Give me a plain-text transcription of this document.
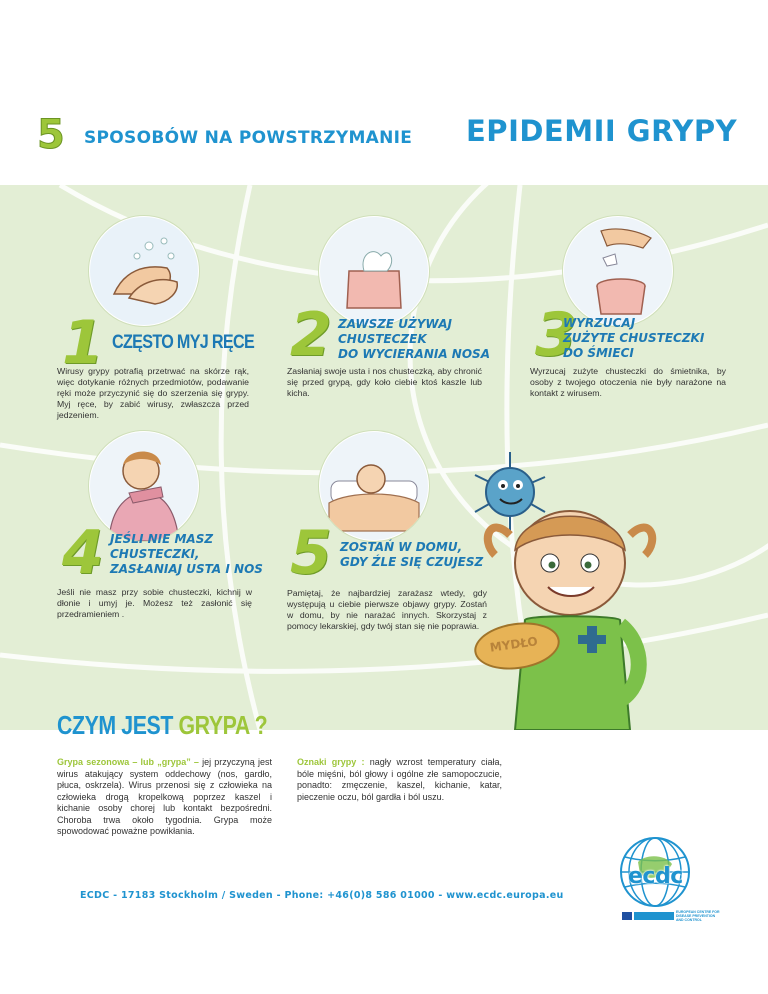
5 SPOSOBÓW NA POWSTRZYMANIE EPIDEMII GRYPY
1 CZĘSTO MYJ RĘCE
Wirusy grypy potrafią przetrwać na skórze rąk, więc dotykanie różnych przedmiotów, podawanie ręki może przyczynić się do szerzenia się grypy. Myj ręce, by zabić wirusy, zwłaszcza przed jedzeniem.
2 ZAWSZE UŻYWAJ
CHUSTECZEK
DO WYCIERANIA NOSA
Zasłaniaj swoje usta i nos chusteczką, aby chronić się przed grypą, gdy koło ciebie ktoś kaszle lub kicha.
3
WYRZUCAJ
ZUŻYTE CHUSTECZKI
DO ŚMIECI
Wyrzucaj zużyte chusteczki do śmietnika, by osoby z twojego otoczenia nie były narażone na kontakt z wirusem.
4 JEŚLI NIE MASZ
CHUSTECZKI,
ZASŁANIAJ USTA I NOS
Jeśli nie masz przy sobie chusteczki, kichnij w dłonie i umyj je. Możesz też zasłonić się przedramieniem .
5 ZOSTAŃ W DOMU,
GDY ŹLE SIĘ CZUJESZ
Pamiętaj, że najbardziej zarażasz wtedy, gdy występują u ciebie pierwsze objawy grypy. Zostań w domu, by nie narażać innych. Skorzystaj z pomocy lekarskiej, gdy twój stan się nie poprawia.
MYDŁO
CZYM JEST GRYPA ?
Grypa sezonowa – lub „grypa” – jej przyczyną jest wirus atakujący system oddechowy (nos, gardło, płuca, oskrzela). Wirus przenosi się z człowieka na człowieka drogą kropelkową poprzez kaszel i kichanie osoby chorej lub kontakt bezpośredni. Choroba trwa około tygodnia. Grypa może spowodować poważne powikłania.
Oznaki grypy : nagły wzrost temperatury ciała, bóle mięśni, ból głowy i ogólne złe samopoczucie, ponadto: zmęczenie, kaszel, kichanie, katar, pieczenie oczu, ból gardła i ból uszu.
ECDC - 17183 Stockholm / Sweden - Phone: +46(0)8 586 01000 - www.ecdc.europa.eu
ecdc
EUROPEAN CENTRE FOR
DISEASE PREVENTION
AND CONTROL
